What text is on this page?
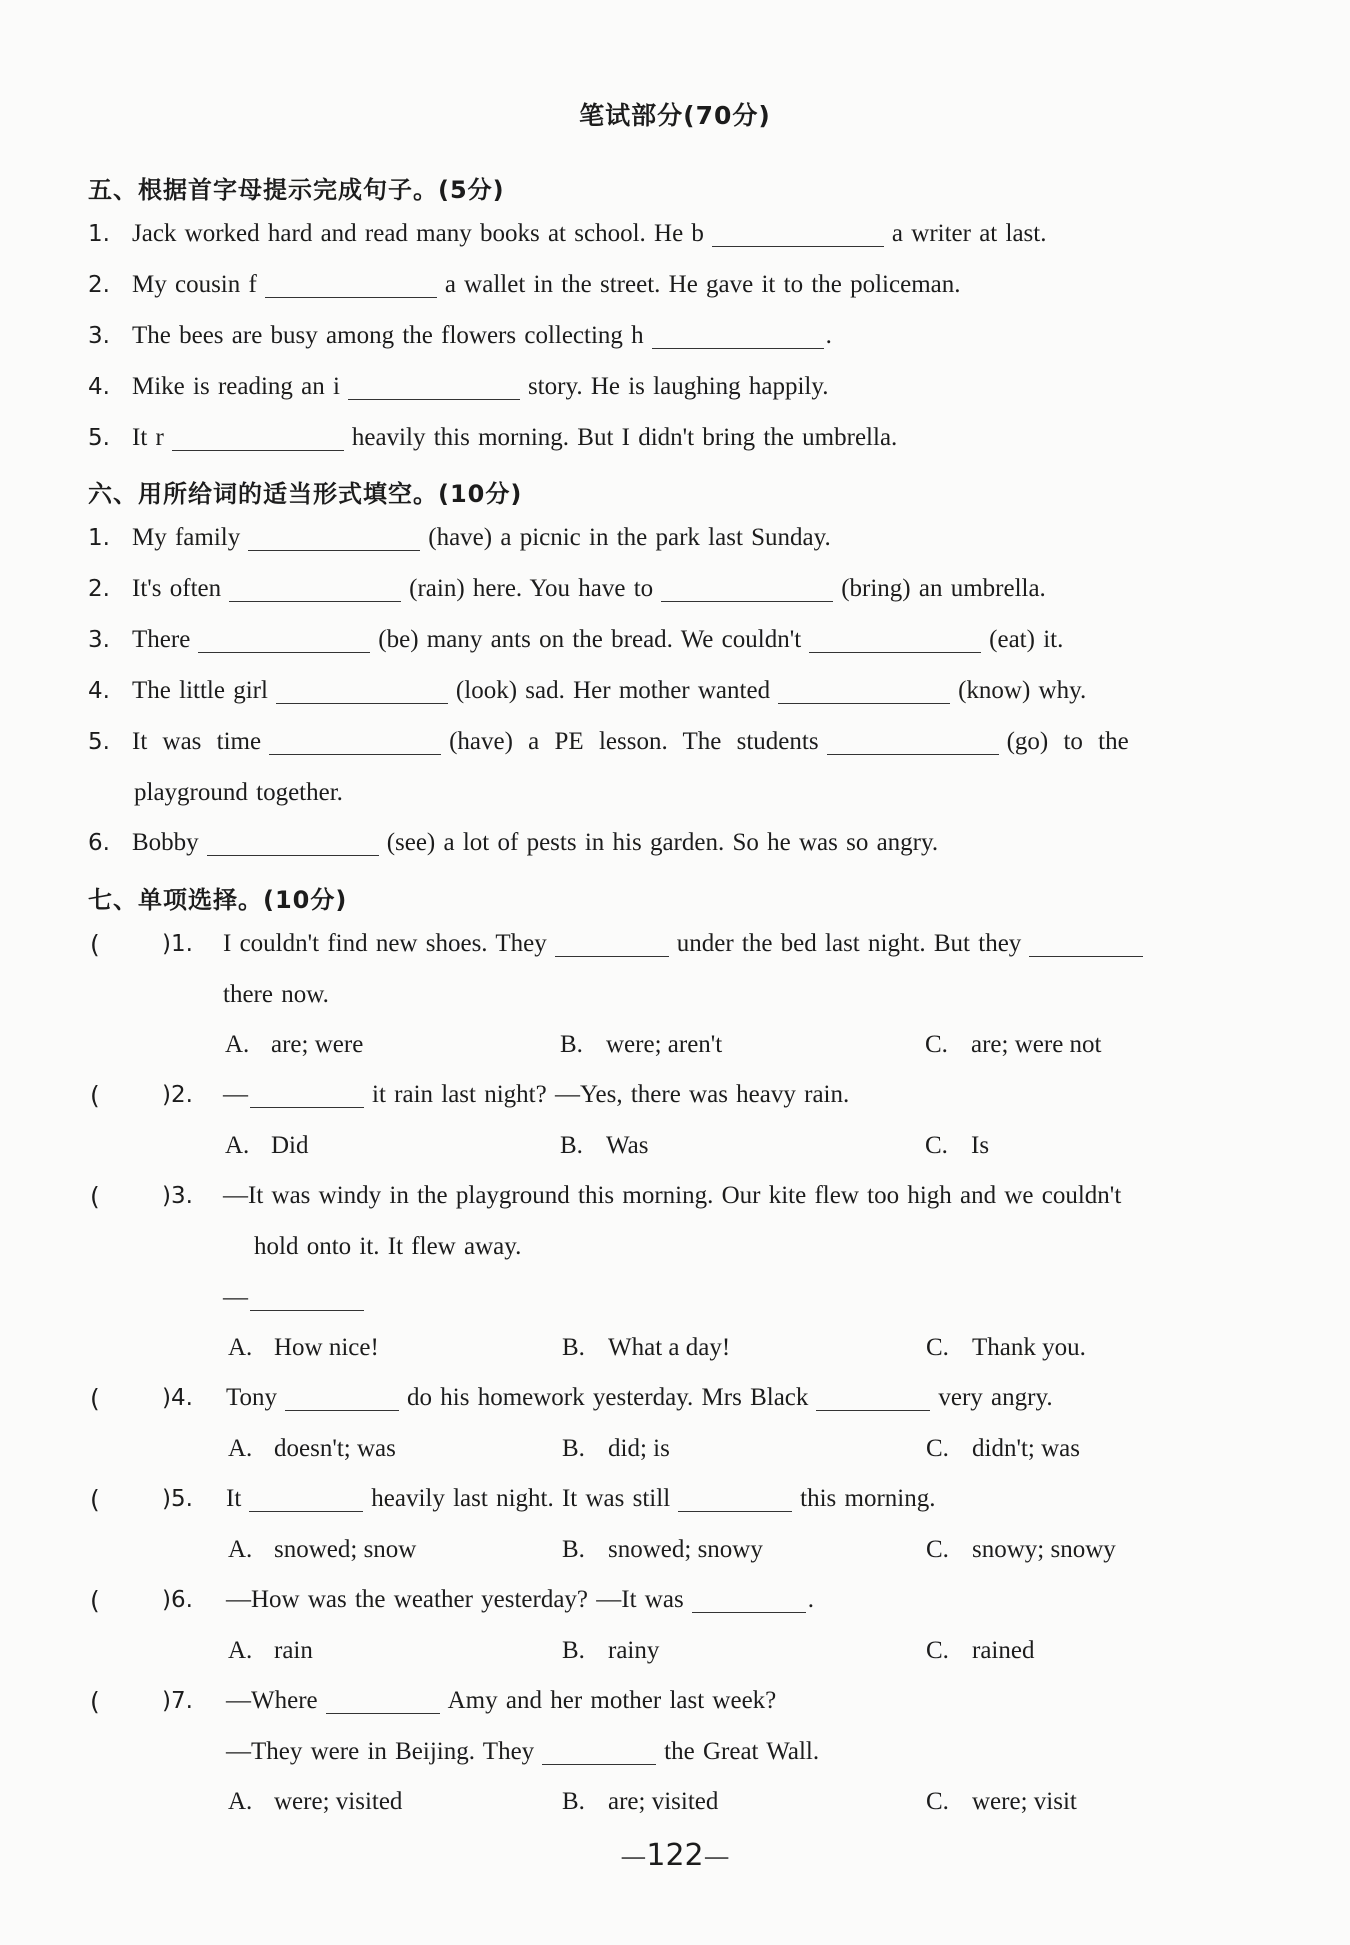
笔试部分(70分)
五、根据首字母提示完成句子。(5分)
1. Jack worked hard and read many books at school. He b	a writer at last.
2. My cousin f	a wallet in the street. He gave it to the policeman.
3. The bees are busy among the flowers collecting h	.
4. Mike is reading an i	story. He is laughing happily.
5. It r	heavily this morning. But I didn't bring the umbrella.
六、用所给词的适当形式填空。(10分)
1. My family	(have) a picnic in the park last Sunday.
2. It's often	(rain) here. You have to	(bring) an umbrella.
3. There	(be) many ants on the bread. We couldn't	(eat) it.
4. The little girl	(look) sad. Her mother wanted	(know) why.
5. It was time	(have) a PE lesson. The students	(go) to the
playground together.
6. Bobby	(see) a lot of pests in his garden. So he was so angry.
七、单项选择。(10分)
(	)1. I couldn't find new shoes. They	under the bed last night. But they
there now.
A. are; were	B. were; aren't	C. are; were not
(	)2. —	it rain last night? —Yes, there was heavy rain.
A. Did	B. Was	C. Is
(	)3. —It was windy in the playground this morning. Our kite flew too high and we couldn't
hold onto it. It flew away.
—
A. How nice!	B. What a day!	C. Thank you.
(	)4. Tony	do his homework yesterday. Mrs Black	very angry.
A. doesn't; was	B. did; is	C. didn't; was
(	)5. It	heavily last night. It was still	this morning.
A. snowed; snow	B. snowed; snowy	C. snowy; snowy
(	)6. —How was the weather yesterday? —It was	.
A. rain	B. rainy	C. rained
(	)7. —Where	Amy and her mother last week?
—They were in Beijing. They	the Great Wall.
A. were; visited	B. are; visited	C. were; visit
—122—
